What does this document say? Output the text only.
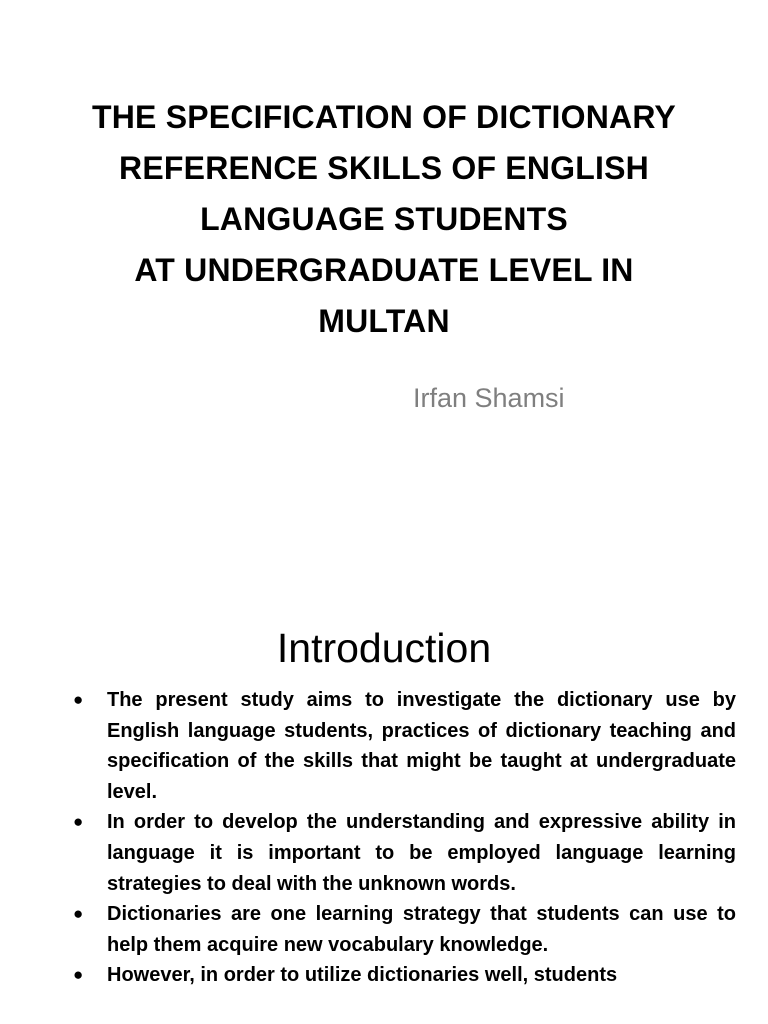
THE SPECIFICATION OF DICTIONARY
REFERENCE SKILLS OF ENGLISH
LANGUAGE STUDENTS
AT UNDERGRADUATE LEVEL IN
MULTAN
Irfan Shamsi
Introduction
● The present study aims to investigate the dictionary use by English language students, practices of dictionary teaching and specification of the skills that might be taught at undergraduate level.
● In order to develop the understanding and expressive ability in language it is important to be employed language learning strategies to deal with the unknown words.
● Dictionaries are one learning strategy that students can use to help them acquire new vocabulary knowledge.
● However, in order to utilize dictionaries well, students
